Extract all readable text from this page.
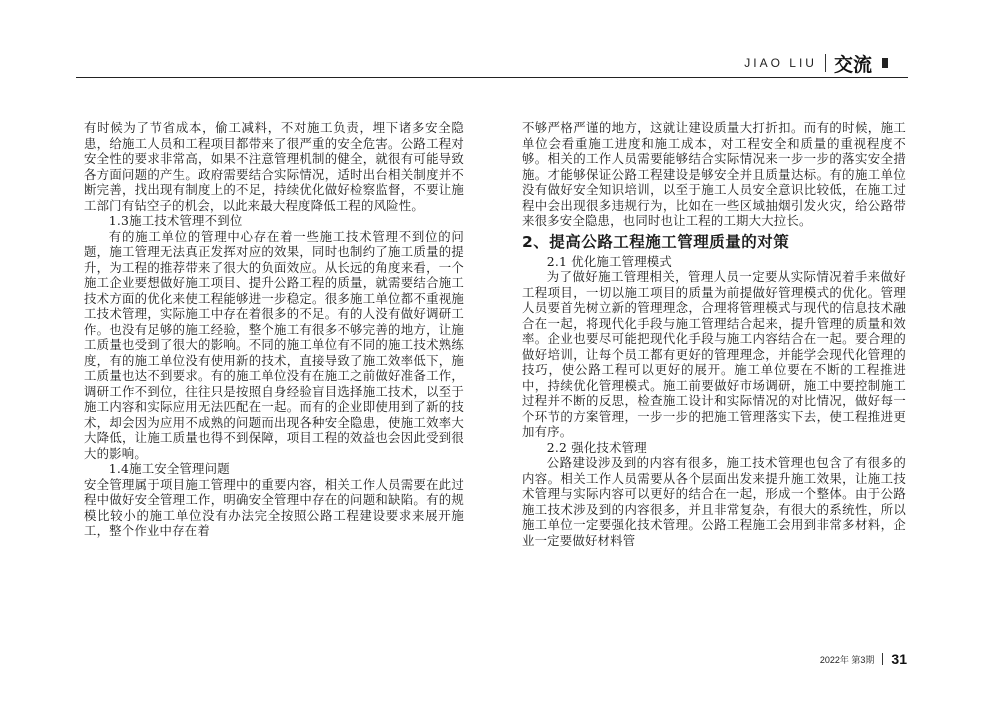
JIAO LIU 交流

有时候为了节省成本，偷工减料，不对施工负责，埋下诸多安全隐患，给施工人员和工程项目都带来了很严重的安全危害。公路工程对安全性的要求非常高，如果不注意管理机制的健全，就很有可能导致各方面问题的产生。政府需要结合实际情况，适时出台相关制度并不断完善，找出现有制度上的不足，持续优化做好检察监督，不要让施工部门有钻空子的机会，以此来最大程度降低工程的风险性。

1.3施工技术管理不到位

有的施工单位的管理中心存在着一些施工技术管理不到位的问题，施工管理无法真正发挥对应的效果，同时也制约了施工质量的提升，为工程的推荐带来了很大的负面效应。从长远的角度来看，一个施工企业要想做好施工项目、提升公路工程的质量，就需要结合施工技术方面的优化来使工程能够进一步稳定。很多施工单位都不重视施工技术管理，实际施工中存在着很多的不足。有的人没有做好调研工作。也没有足够的施工经验，整个施工有很多不够完善的地方，让施工质量也受到了很大的影响。不同的施工单位有不同的施工技术熟练度，有的施工单位没有使用新的技术，直接导致了施工效率低下，施工质量也达不到要求。有的施工单位没有在施工之前做好准备工作，调研工作不到位，往往只是按照自身经验盲目选择施工技术，以至于施工内容和实际应用无法匹配在一起。而有的企业即使用到了新的技术，却会因为应用不成熟的问题而出现各种安全隐患，使施工效率大大降低，让施工质量也得不到保障，项目工程的效益也会因此受到很大的影响。

1.4施工安全管理问题

安全管理属于项目施工管理中的重要内容，相关工作人员需要在此过程中做好安全管理工作，明确安全管理中存在的问题和缺陷。有的规模比较小的施工单位没有办法完全按照公路工程建设要求来展开施工，整个作业中存在着

不够严格严谨的地方，这就让建设质量大打折扣。而有的时候，施工单位会看重施工进度和施工成本，对工程安全和质量的重视程度不够。相关的工作人员需要能够结合实际情况来一步一步的落实安全措施。才能够保证公路工程建设是够安全并且质量达标。有的施工单位没有做好安全知识培训，以至于施工人员安全意识比较低，在施工过程中会出现很多违规行为，比如在一些区域抽烟引发火灾，给公路带来很多安全隐患，也同时也让工程的工期大大拉长。

2、提高公路工程施工管理质量的对策

2.1 优化施工管理模式

为了做好施工管理相关，管理人员一定要从实际情况着手来做好工程项目，一切以施工项目的质量为前提做好管理模式的优化。管理人员要首先树立新的管理理念，合理将管理模式与现代的信息技术融合在一起，将现代化手段与施工管理结合起来，提升管理的质量和效率。企业也要尽可能把现代化手段与施工内容结合在一起。要合理的做好培训，让每个员工都有更好的管理理念，并能学会现代化管理的技巧，使公路工程可以更好的展开。施工单位要在不断的工程推进中，持续优化管理模式。施工前要做好市场调研，施工中要控制施工过程并不断的反思，检查施工设计和实际情况的对比情况，做好每一个环节的方案管理，一步一步的把施工管理落实下去，使工程推进更加有序。

2.2 强化技术管理

公路建设涉及到的内容有很多，施工技术管理也包含了有很多的内容。相关工作人员需要从各个层面出发来提升施工效果，让施工技术管理与实际内容可以更好的结合在一起，形成一个整体。由于公路施工技术涉及到的内容很多，并且非常复杂，有很大的系统性，所以施工单位一定要强化技术管理。公路工程施工会用到非常多材料，企业一定要做好材料管

2022年 第3期 31
